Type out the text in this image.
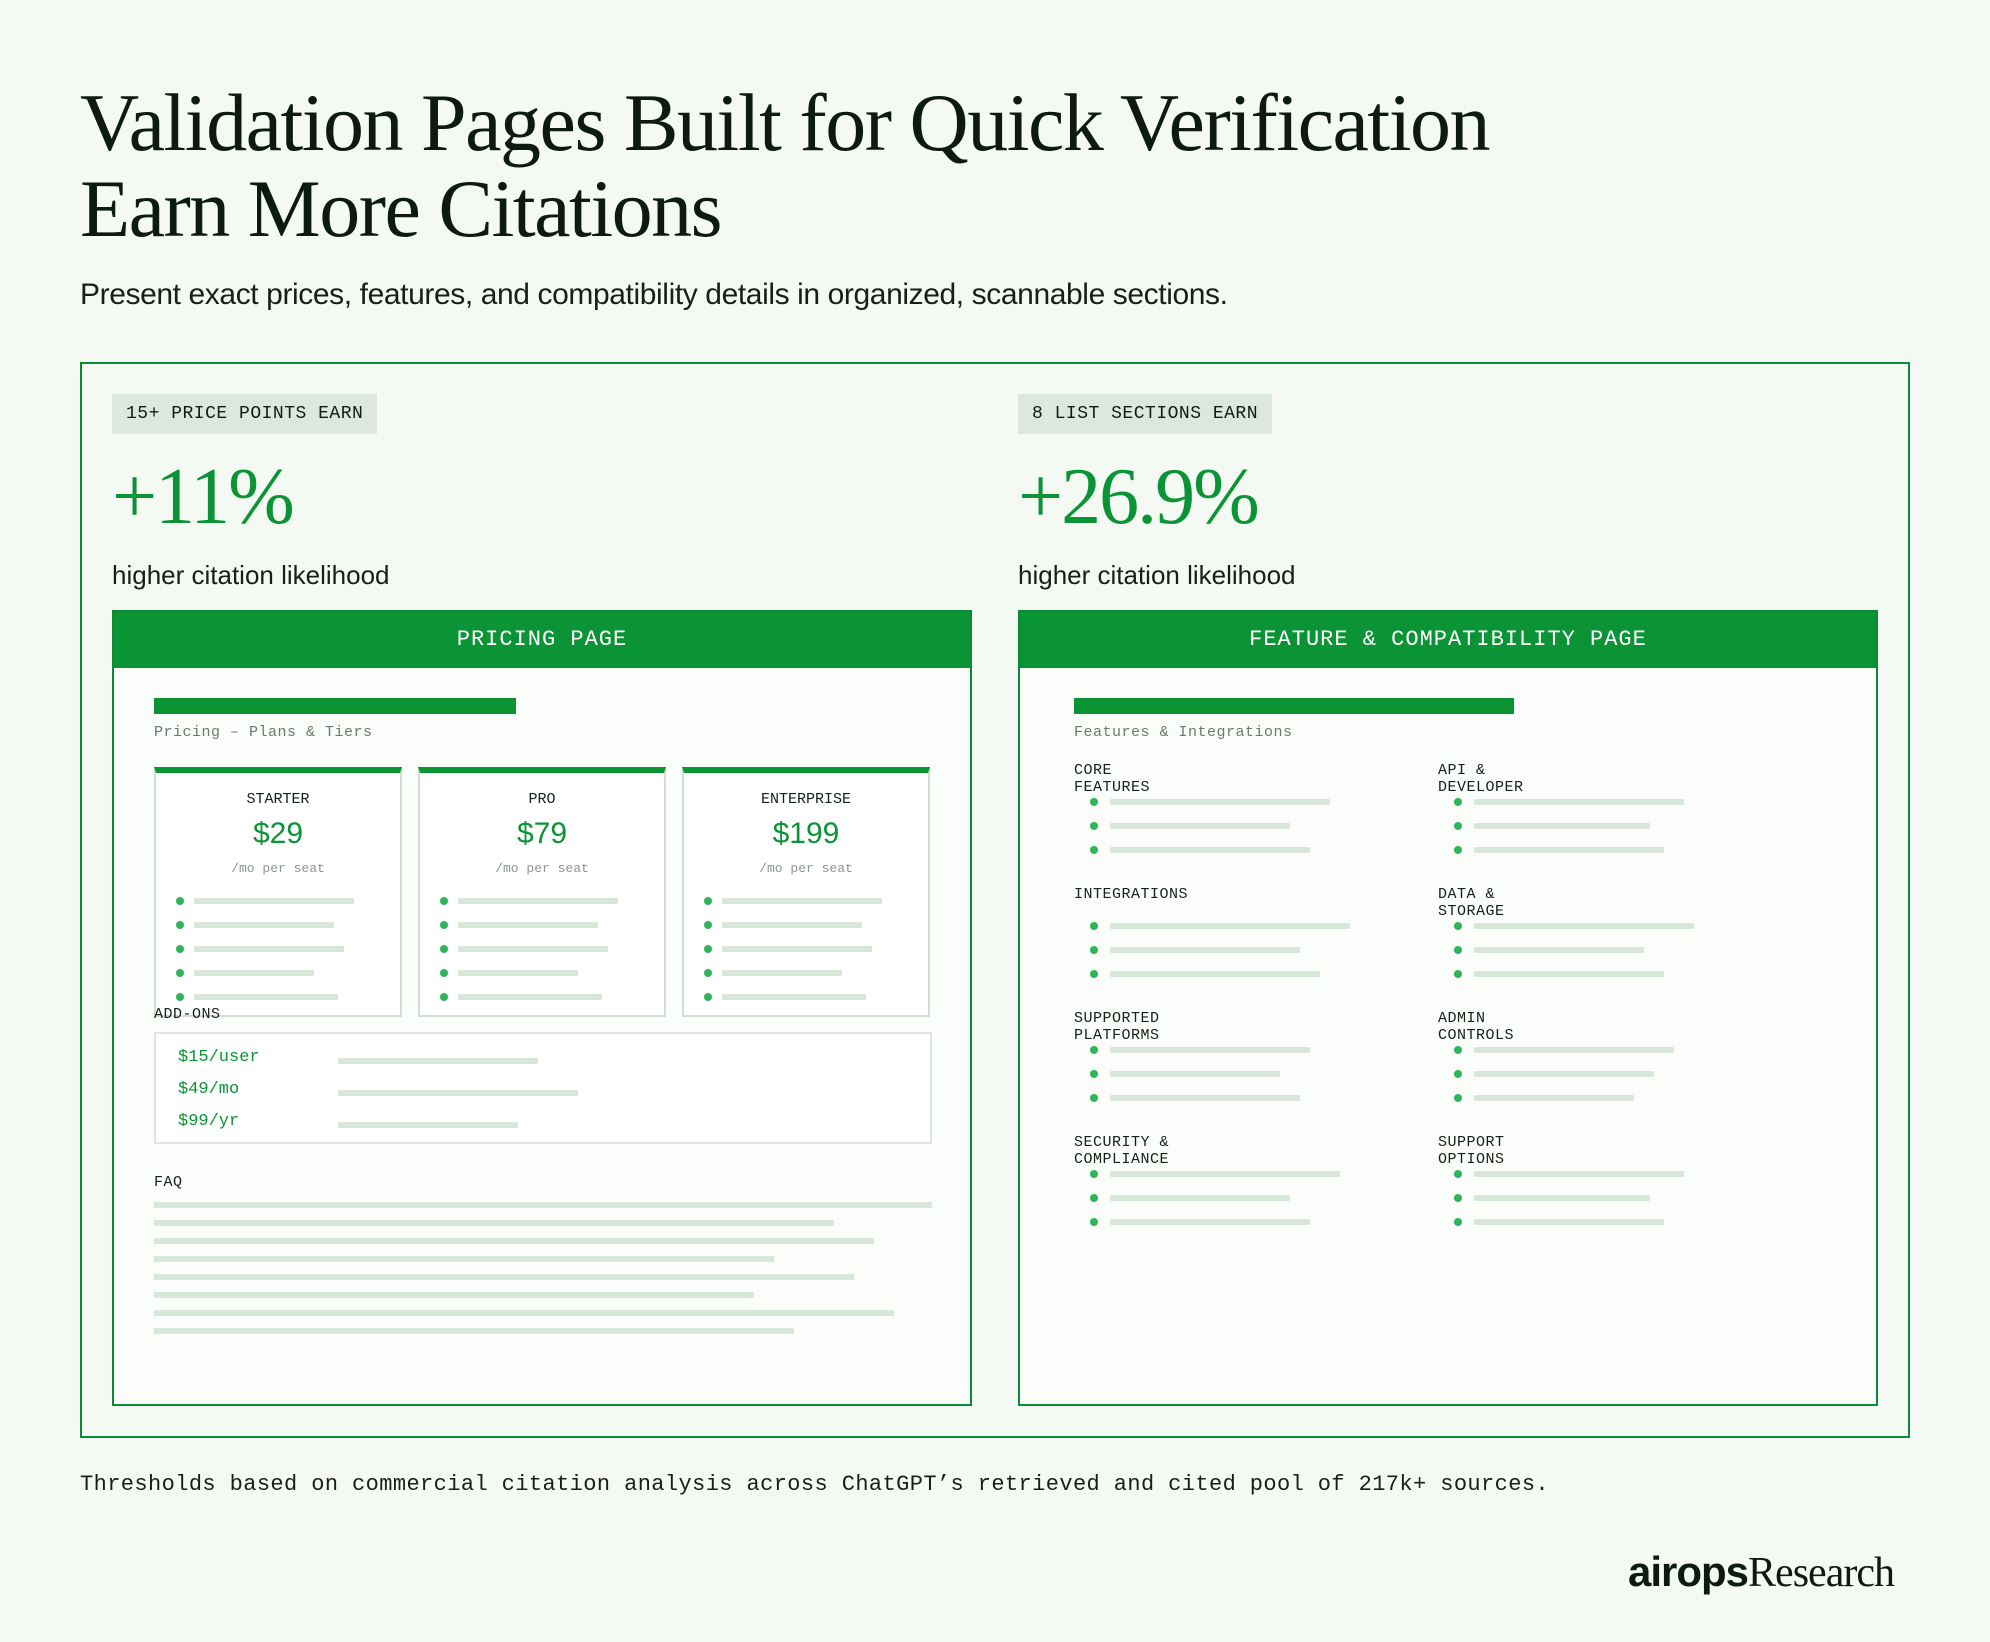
Validation Pages Built for Quick Verification
Earn More Citations
Present exact prices, features, and compatibility details in organized, scannable sections.
15+ PRICE POINTS EARN
+11%
higher citation likelihood
PRICING PAGE
Pricing – Plans & Tiers
STARTER
$29
/mo per seat
PRO
$79
/mo per seat
ENTERPRISE
$199
/mo per seat
ADD-ONS
$15/user
$49/mo
$99/yr
FAQ
8 LIST SECTIONS EARN
+26.9%
higher citation likelihood
FEATURE & COMPATIBILITY PAGE
Features & Integrations
CORE FEATURES
API & DEVELOPER
INTEGRATIONS	DATA & STORAGE
SUPPORTED PLATFORMS
ADMIN CONTROLS
SECURITY & COMPLIANCE
SUPPORT OPTIONS
Thresholds based on commercial citation analysis across ChatGPT’s retrieved and cited pool of 217k+ sources.
airopsResearch
